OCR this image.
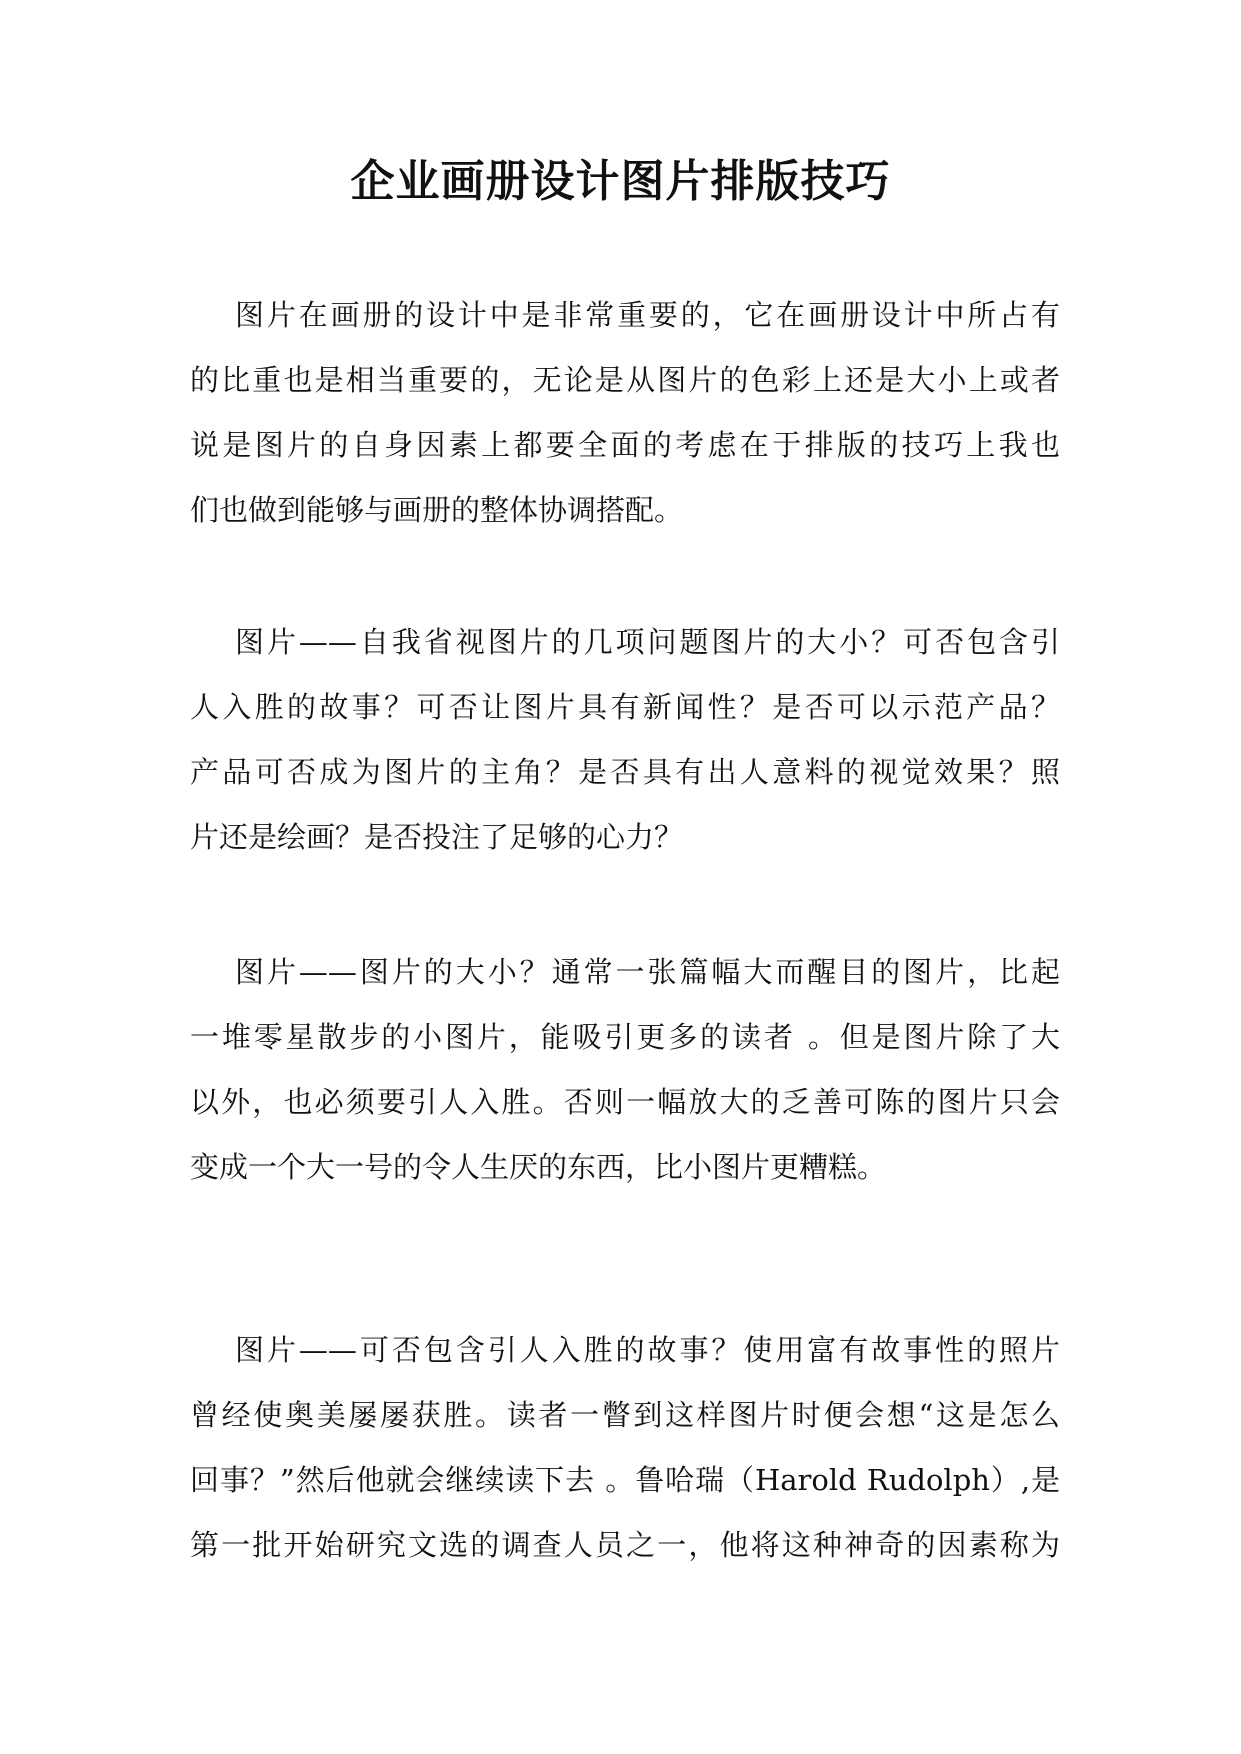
企业画册设计图片排版技巧
图片在画册的设计中是非常重要的，它在画册设计中所占有
的比重也是相当重要的，无论是从图片的色彩上还是大小上或者
说是图片的自身因素上都要全面的考虑在于排版的技巧上我也
们也做到能够与画册的整体协调搭配。
图片——自我省视图片的几项问题图片的大小？可否包含引
人入胜的故事？可否让图片具有新闻性？是否可以示范产品？
产品可否成为图片的主角？是否具有出人意料的视觉效果？照
片还是绘画？是否投注了足够的心力？
图片——图片的大小？通常一张篇幅大而醒目的图片，比起
一堆零星散步的小图片，能吸引更多的读者 。但是图片除了大
以外，也必须要引人入胜。否则一幅放大的乏善可陈的图片只会
变成一个大一号的令人生厌的东西，比小图片更糟糕。
图片——可否包含引人入胜的故事？使用富有故事性的照片
曾经使奥美屡屡获胜。读者一瞥到这样图片时便会想“这是怎么
回事？”然后他就会继续读下去 。鲁哈瑞（Harold Rudolph）,是
第一批开始研究文选的调查人员之一，他将这种神奇的因素称为
